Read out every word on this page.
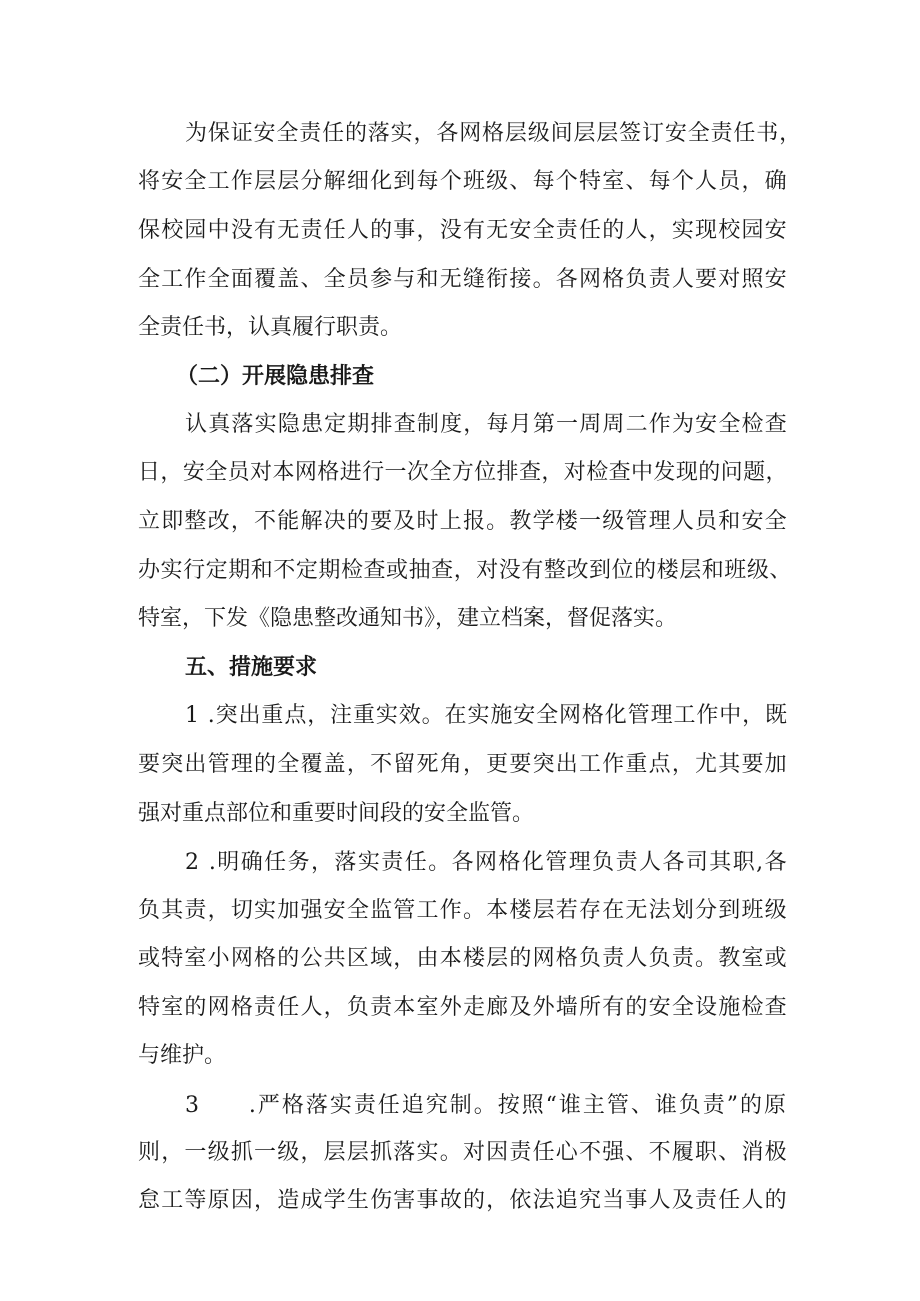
为保证安全责任的落实，各网格层级间层层签订安全责任书，
将安全工作层层分解细化到每个班级、每个特室、每个人员，确
保校园中没有无责任人的事，没有无安全责任的人，实现校园安
全工作全面覆盖、全员参与和无缝衔接。各网格负责人要对照安
全责任书，认真履行职责。
（二）开展隐患排查
认真落实隐患定期排查制度，每月第一周周二作为安全检查
日，安全员对本网格进行一次全方位排查，对检查中发现的问题，
立即整改，不能解决的要及时上报。教学楼一级管理人员和安全
办实行定期和不定期检查或抽查，对没有整改到位的楼层和班级、
特室，下发《隐患整改通知书》，建立档案，督促落实。
五、措施要求
1 .突出重点，注重实效。在实施安全网格化管理工作中，既
要突出管理的全覆盖，不留死角，更要突出工作重点，尤其要加
强对重点部位和重要时间段的安全监管。
2 .明确任务，落实责任。各网格化管理负责人各司其职,各
负其责，切实加强安全监管工作。本楼层若存在无法划分到班级
或特室小网格的公共区域，由本楼层的网格负责人负责。教室或
特室的网格责任人，负责本室外走廊及外墙所有的安全设施检查
与维护。
3　　.严格落实责任追究制。按照“谁主管、谁负责”的原
则，一级抓一级，层层抓落实。对因责任心不强、不履职、消极
怠工等原因，造成学生伤害事故的，依法追究当事人及责任人的
